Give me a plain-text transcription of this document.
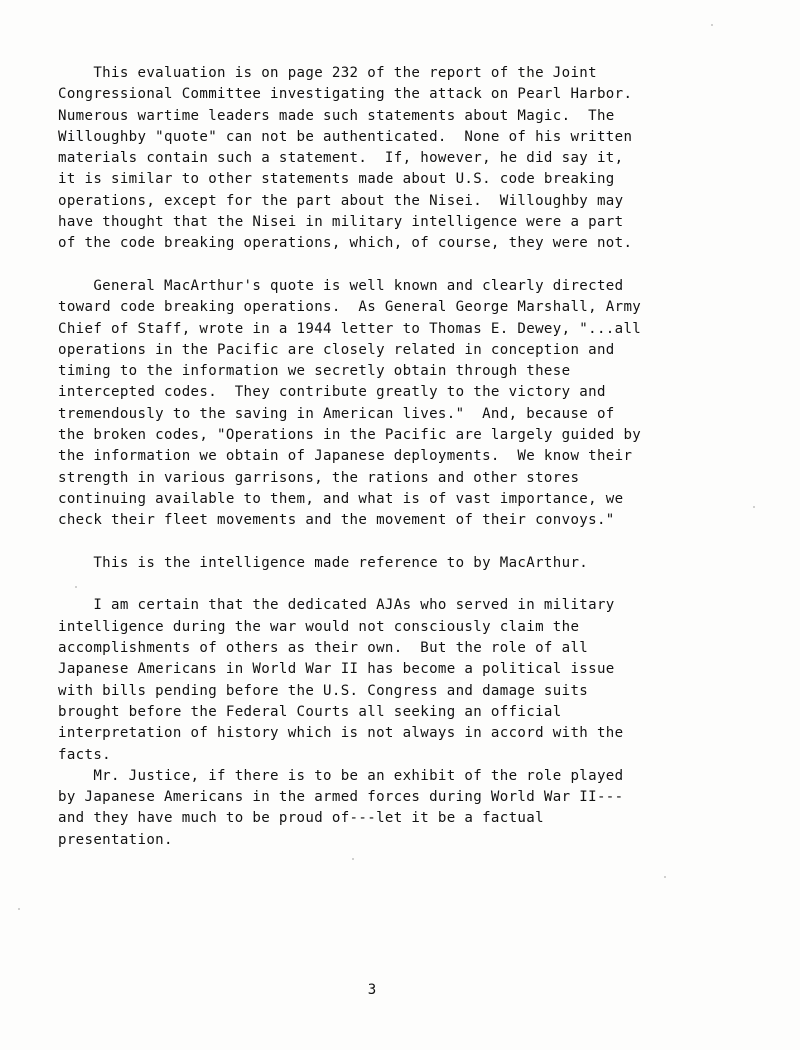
This evaluation is on page 232 of the report of the Joint
Congressional Committee investigating the attack on Pearl Harbor.
Numerous wartime leaders made such statements about Magic.  The
Willoughby "quote" can not be authenticated.  None of his written
materials contain such a statement.  If, however, he did say it,
it is similar to other statements made about U.S. code breaking
operations, except for the part about the Nisei.  Willoughby may
have thought that the Nisei in military intelligence were a part
of the code breaking operations, which, of course, they were not.
General MacArthur's quote is well known and clearly directed
toward code breaking operations.  As General George Marshall, Army
Chief of Staff, wrote in a 1944 letter to Thomas E. Dewey, "...all
operations in the Pacific are closely related in conception and
timing to the information we secretly obtain through these
intercepted codes.  They contribute greatly to the victory and
tremendously to the saving in American lives."  And, because of
the broken codes, "Operations in the Pacific are largely guided by
the information we obtain of Japanese deployments.  We know their
strength in various garrisons, the rations and other stores
continuing available to them, and what is of vast importance, we
check their fleet movements and the movement of their convoys."
This is the intelligence made reference to by MacArthur.
I am certain that the dedicated AJAs who served in military
intelligence during the war would not consciously claim the
accomplishments of others as their own.  But the role of all
Japanese Americans in World War II has become a political issue
with bills pending before the U.S. Congress and damage suits
brought before the Federal Courts all seeking an official
interpretation of history which is not always in accord with the
facts.
Mr. Justice, if there is to be an exhibit of the role played
by Japanese Americans in the armed forces during World War II---
and they have much to be proud of---let it be a factual
presentation.
3
